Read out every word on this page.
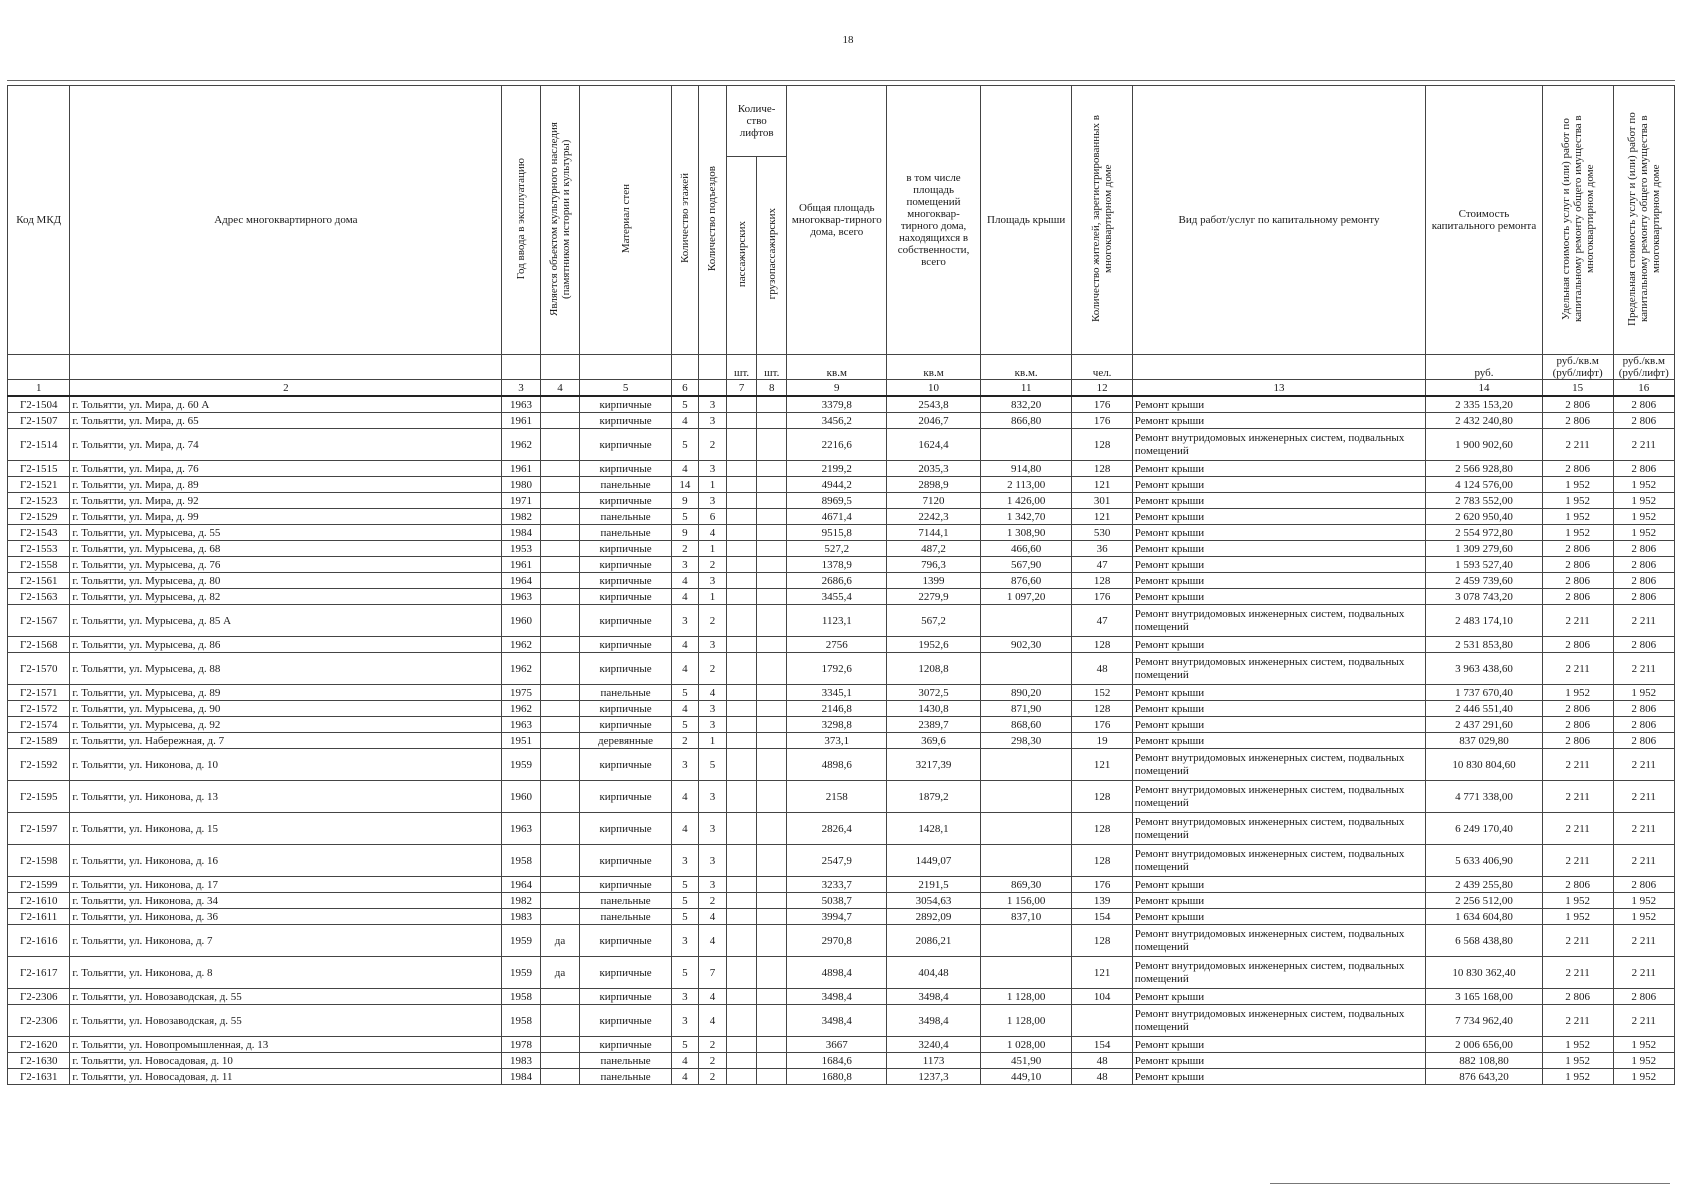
18
Код МКД	Адрес многоквартирного дома	Год ввода в эксплуатацию	Является объектом культурного наследия (памятником истории и культуры)	Материал стен	Количество этажей	Количество подъездов	Количе-ство лифтов		Общая площадь многоквар-тирного дома, всего	в том числе площадь помещений многоквар-тирного дома, находящихся в собственности, всего	Площадь крыши	Количество жителей, зарегистрированных в многоквартирном доме	Вид работ/услуг по капитальному ремонту	Стоимость капитального ремонта	Удельная стоимость услуг и (или) работ по капитальному ремонту общего имущества в многоквартирном доме	Предельная стоимость услуг и (или) работ по капитальному ремонту общего имущества в многоквартирном доме
							пассажирских	грузопассажирских								
							шт.	шт.	кв.м	кв.м	кв.м.	чел.		руб.	руб./кв.м (руб/лифт)	руб./кв.м (руб/лифт)
1	2	3	4	5	6		7	8	9	10	11	12	13	14	15	16
Г2-1504	г. Тольятти, ул. Мира, д. 60 А	1963		кирпичные	5	3			3379,8	2543,8	832,20	176	Ремонт крыши	2 335 153,20	2 806	2 806
Г2-1507	г. Тольятти, ул. Мира, д. 65	1961		кирпичные	4	3			3456,2	2046,7	866,80	176	Ремонт крыши	2 432 240,80	2 806	2 806
Г2-1514	г. Тольятти, ул. Мира, д. 74	1962		кирпичные	5	2			2216,6	1624,4		128	Ремонт внутридомовых инженерных систем, подвальных помещений	1 900 902,60	2 211	2 211
Г2-1515	г. Тольятти, ул. Мира, д. 76	1961		кирпичные	4	3			2199,2	2035,3	914,80	128	Ремонт крыши	2 566 928,80	2 806	2 806
Г2-1521	г. Тольятти, ул. Мира, д. 89	1980		панельные	14	1			4944,2	2898,9	2 113,00	121	Ремонт крыши	4 124 576,00	1 952	1 952
Г2-1523	г. Тольятти, ул. Мира, д. 92	1971		кирпичные	9	3			8969,5	7120	1 426,00	301	Ремонт крыши	2 783 552,00	1 952	1 952
Г2-1529	г. Тольятти, ул. Мира, д. 99	1982		панельные	5	6			4671,4	2242,3	1 342,70	121	Ремонт крыши	2 620 950,40	1 952	1 952
Г2-1543	г. Тольятти, ул. Мурысева, д. 55	1984		панельные	9	4			9515,8	7144,1	1 308,90	530	Ремонт крыши	2 554 972,80	1 952	1 952
Г2-1553	г. Тольятти, ул. Мурысева, д. 68	1953		кирпичные	2	1			527,2	487,2	466,60	36	Ремонт крыши	1 309 279,60	2 806	2 806
Г2-1558	г. Тольятти, ул. Мурысева, д. 76	1961		кирпичные	3	2			1378,9	796,3	567,90	47	Ремонт крыши	1 593 527,40	2 806	2 806
Г2-1561	г. Тольятти, ул. Мурысева, д. 80	1964		кирпичные	4	3			2686,6	1399	876,60	128	Ремонт крыши	2 459 739,60	2 806	2 806
Г2-1563	г. Тольятти, ул. Мурысева, д. 82	1963		кирпичные	4	1			3455,4	2279,9	1 097,20	176	Ремонт крыши	3 078 743,20	2 806	2 806
Г2-1567	г. Тольятти, ул. Мурысева, д. 85 А	1960		кирпичные	3	2			1123,1	567,2		47	Ремонт внутридомовых инженерных систем, подвальных помещений	2 483 174,10	2 211	2 211
Г2-1568	г. Тольятти, ул. Мурысева, д. 86	1962		кирпичные	4	3			2756	1952,6	902,30	128	Ремонт крыши	2 531 853,80	2 806	2 806
Г2-1570	г. Тольятти, ул. Мурысева, д. 88	1962		кирпичные	4	2			1792,6	1208,8		48	Ремонт внутридомовых инженерных систем, подвальных помещений	3 963 438,60	2 211	2 211
Г2-1571	г. Тольятти, ул. Мурысева, д. 89	1975		панельные	5	4			3345,1	3072,5	890,20	152	Ремонт крыши	1 737 670,40	1 952	1 952
Г2-1572	г. Тольятти, ул. Мурысева, д. 90	1962		кирпичные	4	3			2146,8	1430,8	871,90	128	Ремонт крыши	2 446 551,40	2 806	2 806
Г2-1574	г. Тольятти, ул. Мурысева, д. 92	1963		кирпичные	5	3			3298,8	2389,7	868,60	176	Ремонт крыши	2 437 291,60	2 806	2 806
Г2-1589	г. Тольятти, ул. Набережная, д. 7	1951		деревянные	2	1			373,1	369,6	298,30	19	Ремонт крыши	837 029,80	2 806	2 806
Г2-1592	г. Тольятти, ул. Никонова, д. 10	1959		кирпичные	3	5			4898,6	3217,39		121	Ремонт внутридомовых инженерных систем, подвальных помещений	10 830 804,60	2 211	2 211
Г2-1595	г. Тольятти, ул. Никонова, д. 13	1960		кирпичные	4	3			2158	1879,2		128	Ремонт внутридомовых инженерных систем, подвальных помещений	4 771 338,00	2 211	2 211
Г2-1597	г. Тольятти, ул. Никонова, д. 15	1963		кирпичные	4	3			2826,4	1428,1		128	Ремонт внутридомовых инженерных систем, подвальных помещений	6 249 170,40	2 211	2 211
Г2-1598	г. Тольятти, ул. Никонова, д. 16	1958		кирпичные	3	3			2547,9	1449,07		128	Ремонт внутридомовых инженерных систем, подвальных помещений	5 633 406,90	2 211	2 211
Г2-1599	г. Тольятти, ул. Никонова, д. 17	1964		кирпичные	5	3			3233,7	2191,5	869,30	176	Ремонт крыши	2 439 255,80	2 806	2 806
Г2-1610	г. Тольятти, ул. Никонова, д. 34	1982		панельные	5	2			5038,7	3054,63	1 156,00	139	Ремонт крыши	2 256 512,00	1 952	1 952
Г2-1611	г. Тольятти, ул. Никонова, д. 36	1983		панельные	5	4			3994,7	2892,09	837,10	154	Ремонт крыши	1 634 604,80	1 952	1 952
Г2-1616	г. Тольятти, ул. Никонова, д. 7	1959	да	кирпичные	3	4			2970,8	2086,21		128	Ремонт внутридомовых инженерных систем, подвальных помещений	6 568 438,80	2 211	2 211
Г2-1617	г. Тольятти, ул. Никонова, д. 8	1959	да	кирпичные	5	7			4898,4	404,48		121	Ремонт внутридомовых инженерных систем, подвальных помещений	10 830 362,40	2 211	2 211
Г2-2306	г. Тольятти, ул. Новозаводская, д. 55	1958		кирпичные	3	4			3498,4	3498,4	1 128,00	104	Ремонт крыши	3 165 168,00	2 806	2 806
Г2-2306	г. Тольятти, ул. Новозаводская, д. 55	1958		кирпичные	3	4			3498,4	3498,4	1 128,00		Ремонт внутридомовых инженерных систем, подвальных помещений	7 734 962,40	2 211	2 211
Г2-1620	г. Тольятти, ул. Новопромышленная, д. 13	1978		кирпичные	5	2			3667	3240,4	1 028,00	154	Ремонт крыши	2 006 656,00	1 952	1 952
Г2-1630	г. Тольятти, ул. Новосадовая, д. 10	1983		панельные	4	2			1684,6	1173	451,90	48	Ремонт крыши	882 108,80	1 952	1 952
Г2-1631	г. Тольятти, ул. Новосадовая, д. 11	1984		панельные	4	2			1680,8	1237,3	449,10	48	Ремонт крыши	876 643,20	1 952	1 952
